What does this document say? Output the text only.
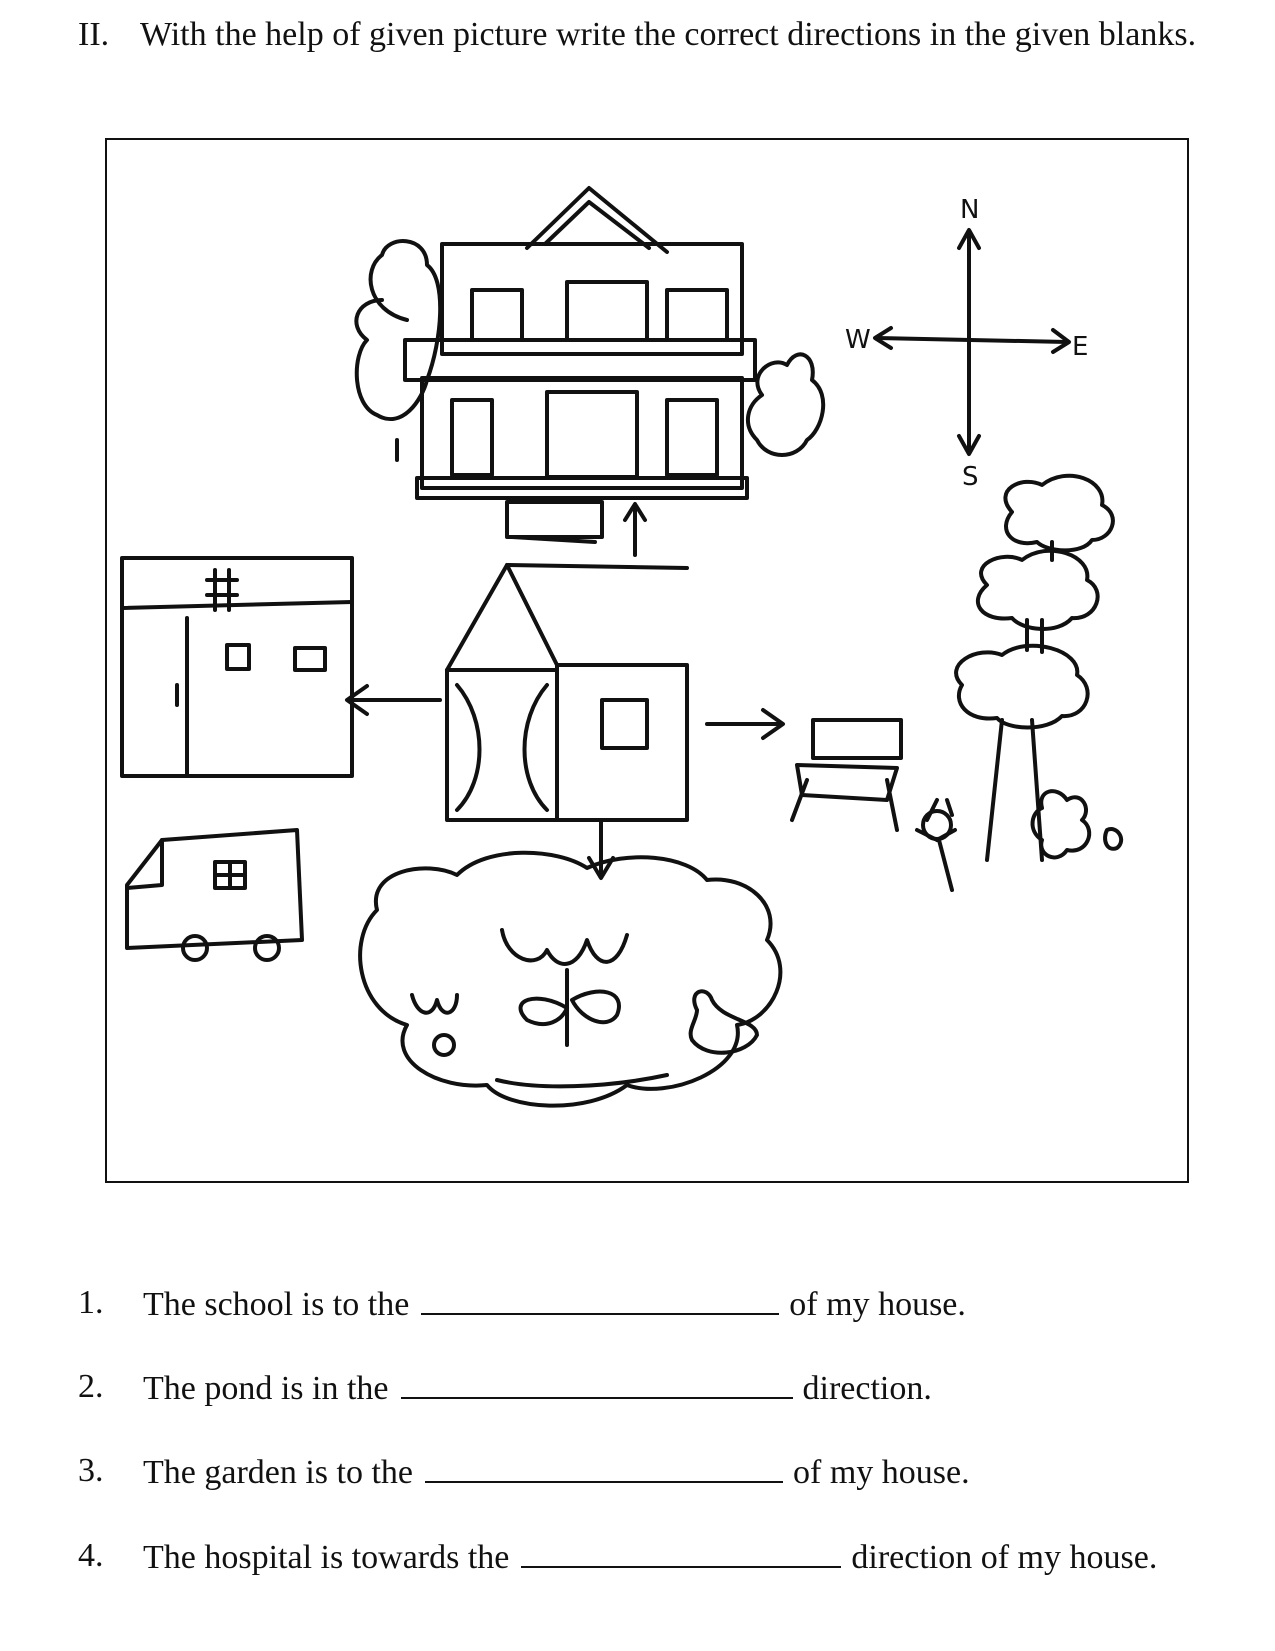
II. With the help of given picture write the correct directions in the given blanks.
N
S
E
W
1. The school is to the	of my house.
2. The pond is in the	direction.
3. The garden is to the	of my house.
4. The hospital is towards the	direction of my house.
